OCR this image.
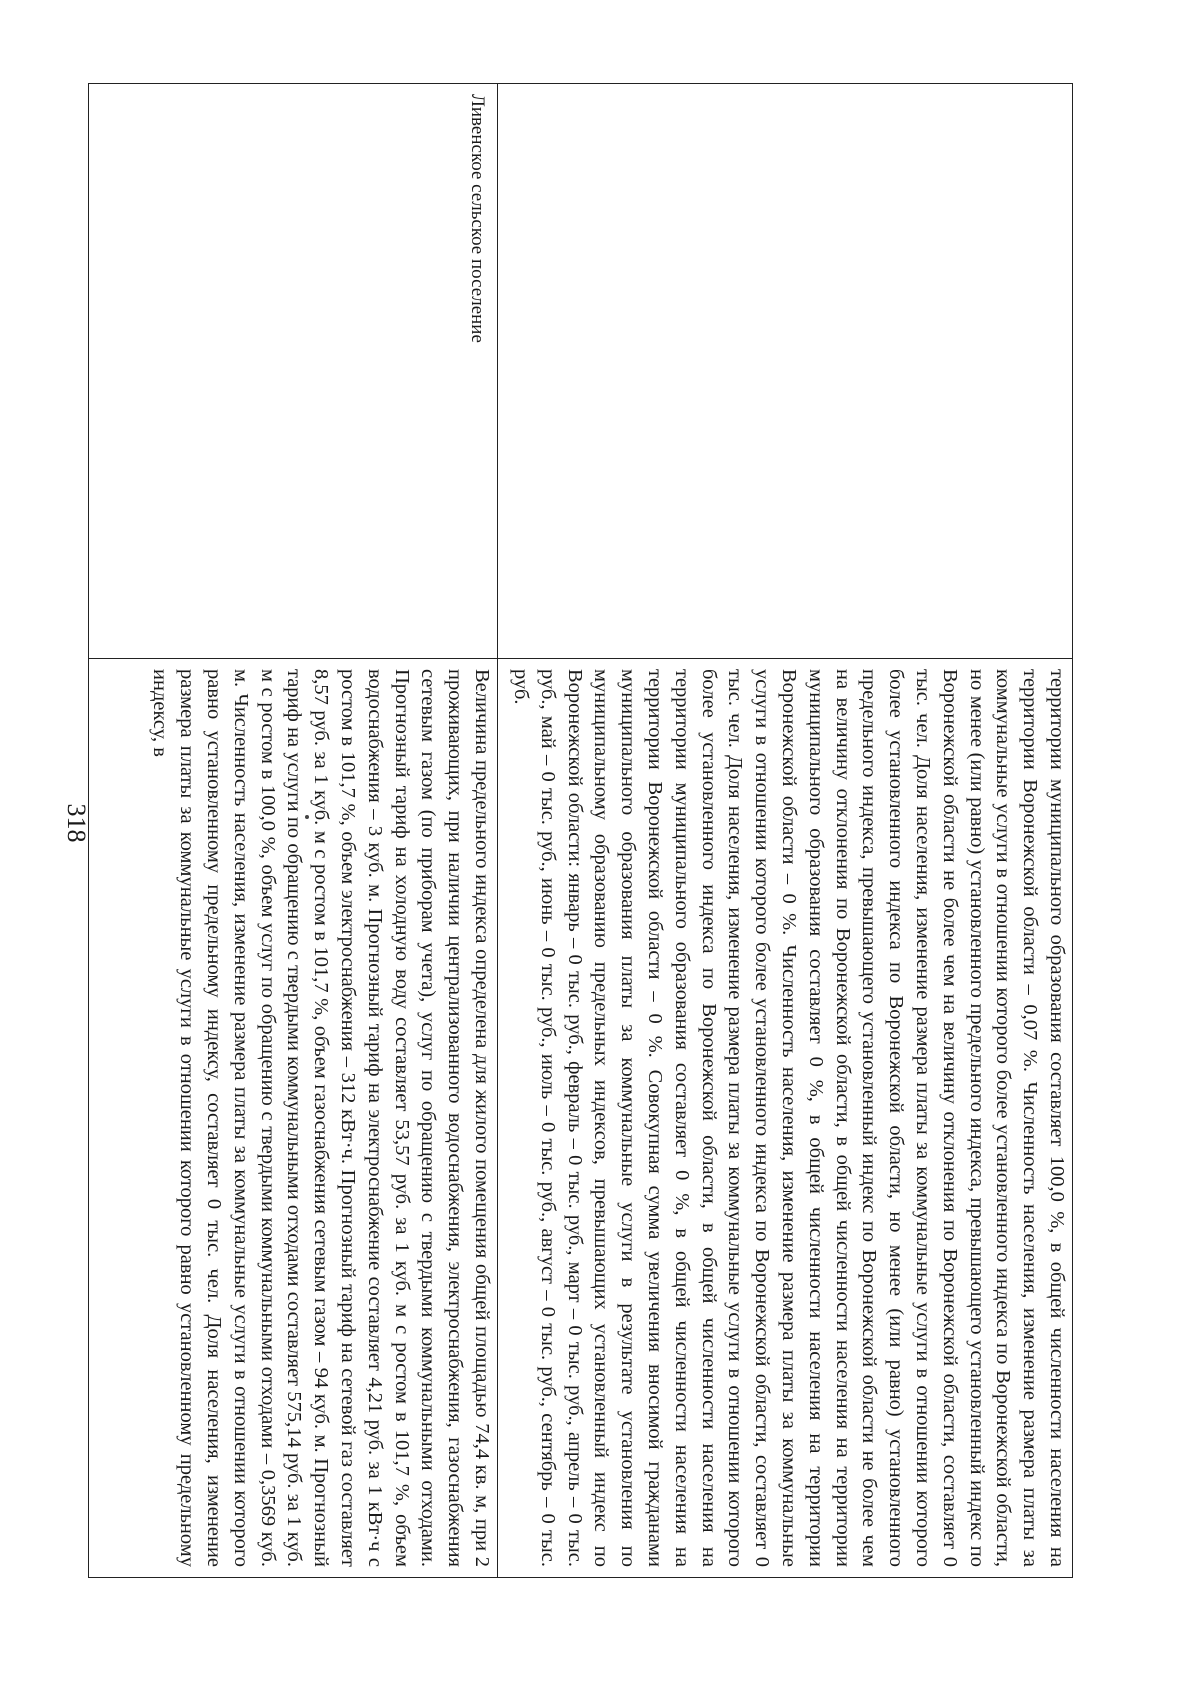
318	территории муниципального образования составляет 100,0 %, в общей численности населения на территории Воронежской области – 0,07 %. Численность населения, изменение размера платы за коммунальные услуги в отношении которого более установленного индекса по Воронежской области, но менее (или равно) установленного предельного индекса, превышающего установленный индекс по Воронежской области не более чем на величину отклонения по Воронежской области, составляет 0 тыс. чел. Доля населения, изменение размера платы за коммунальные услуги в отношении которого более установленного индекса по Воронежской области, но менее (или равно) установленного предельного индекса, превышающего установленный индекс по Воронежской области не более чем на величину отклонения по Воронежской области, в общей численности населения на территории муниципального образования составляет 0 %, в общей численности населения на территории Воронежской области – 0 %. Численность населения, изменение размера платы за коммунальные услуги в отношении которого более установленного индекса по Воронежской области, составляет 0 тыс. чел. Доля населения, изменение размера платы за коммунальные услуги в отношении которого более установленного индекса по Воронежской области, в общей численности населения на территории муниципального образования составляет 0 %, в общей численности населения на территории Воронежской области – 0 %. Совокупная сумма увеличения вносимой гражданами муниципального образования платы за коммунальные услуги в результате установления по муниципальному образованию предельных индексов, превышающих установленный индекс по Воронежской области: январь – 0 тыс. руб., февраль – 0 тыс. руб., март – 0 тыс. руб., апрель – 0 тыс. руб., май – 0 тыс. руб., июнь – 0 тыс. руб., июль – 0 тыс. руб., август – 0 тыс. руб., сентябрь – 0 тыс. руб.

Ливенское сельское поселение

Величина предельного индекса определена для жилого помещения общей площадью 74,4 кв. м, при 2 проживающих, при наличии централизованного водоснабжения, электроснабжения, газоснабжения сетевым газом (по приборам учета), услуг по обращению с твердыми коммунальными отходами. Прогнозный тариф на холодную воду составляет 53,57 руб. за 1 куб. м с ростом в 101,7 %, объем водоснабжения – 3 куб. м. Прогнозный тариф на электроснабжение составляет 4,21 руб. за 1 кВт·ч с ростом в 101,7 %, объем электроснабжения – 312 кВт·ч. Прогнозный тариф на сетевой газ составляет 8,57 руб. за 1 куб. м с ростом в 101,7 %, объем газоснабжения сетевым газом – 94 куб. м. Прогнозный тариф на услуги по обращению с твердыми коммунальными отходами составляет 575,14 руб. за 1 куб. м с ростом в 100,0 %, объем услуг по обращению с твердыми коммунальными отходами – 0,3569 куб. м. Численность населения, изменение размера платы за коммунальные услуги в отношении которого равно установленному предельному индексу, составляет 0 тыс. чел. Доля населения, изменение размера платы за коммунальные услуги в отношении которого равно установленному предельному индексу, в
